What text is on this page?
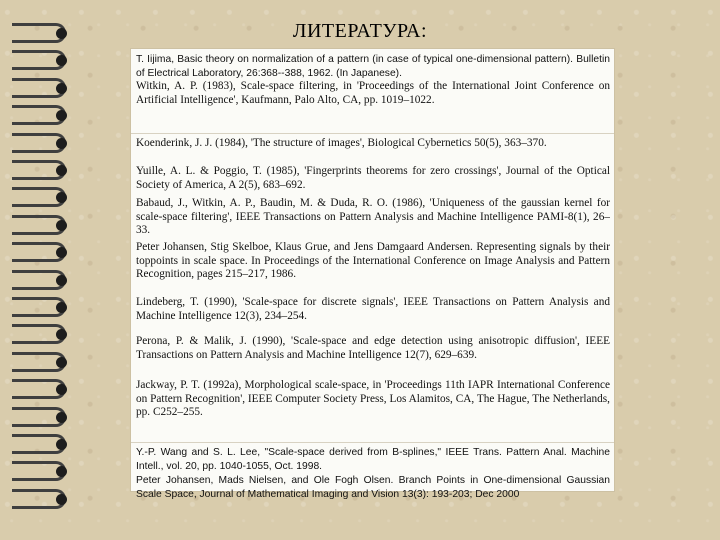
ЛИТЕРАТУРА:
T. Iijima, Basic theory on normalization of a pattern (in case of typical one-dimensional pattern). Bulletin of Electrical Laboratory, 26:368--388, 1962. (In Japanese).
Witkin, A. P. (1983), Scale-space filtering, in 'Proceedings of the International Joint Conference on Artificial Intelligence', Kaufmann, Palo Alto, CA, pp. 1019–1022.
Koenderink, J. J. (1984), 'The structure of images', Biological Cybernetics 50(5), 363–370.
Yuille, A. L. & Poggio, T. (1985), 'Fingerprints theorems for zero crossings', Journal of the Optical Society of America, A 2(5), 683–692.
Babaud, J., Witkin, A. P., Baudin, M. & Duda, R. O. (1986), 'Uniqueness of the gaussian kernel for scale-space filtering', IEEE Transactions on Pattern Analysis and Machine Intelligence PAMI-8(1), 26–33.
Peter Johansen, Stig Skelboe, Klaus Grue, and Jens Damgaard Andersen. Representing signals by their toppoints in scale space. In Proceedings of the International Conference on Image Analysis and Pattern Recognition, pages 215–217, 1986.
Lindeberg, T. (1990), 'Scale-space for discrete signals', IEEE Transactions on Pattern Analysis and Machine Intelligence 12(3), 234–254.
Perona, P. & Malik, J. (1990), 'Scale-space and edge detection using anisotropic diffusion', IEEE Transactions on Pattern Analysis and Machine Intelligence 12(7), 629–639.
Jackway, P. T. (1992a), Morphological scale-space, in 'Proceedings 11th IAPR International Conference on Pattern Recognition', IEEE Computer Society Press, Los Alamitos, CA, The Hague, The Netherlands, pp. C252–255.
Y.-P. Wang and S. L. Lee, "Scale-space derived from B-splines," IEEE Trans. Pattern Anal. Machine Intell., vol. 20, pp. 1040-1055, Oct. 1998.
Peter Johansen, Mads Nielsen, and Ole Fogh Olsen. Branch Points in One-dimensional Gaussian Scale Space, Journal of Mathematical Imaging and Vision 13(3): 193-203; Dec 2000
